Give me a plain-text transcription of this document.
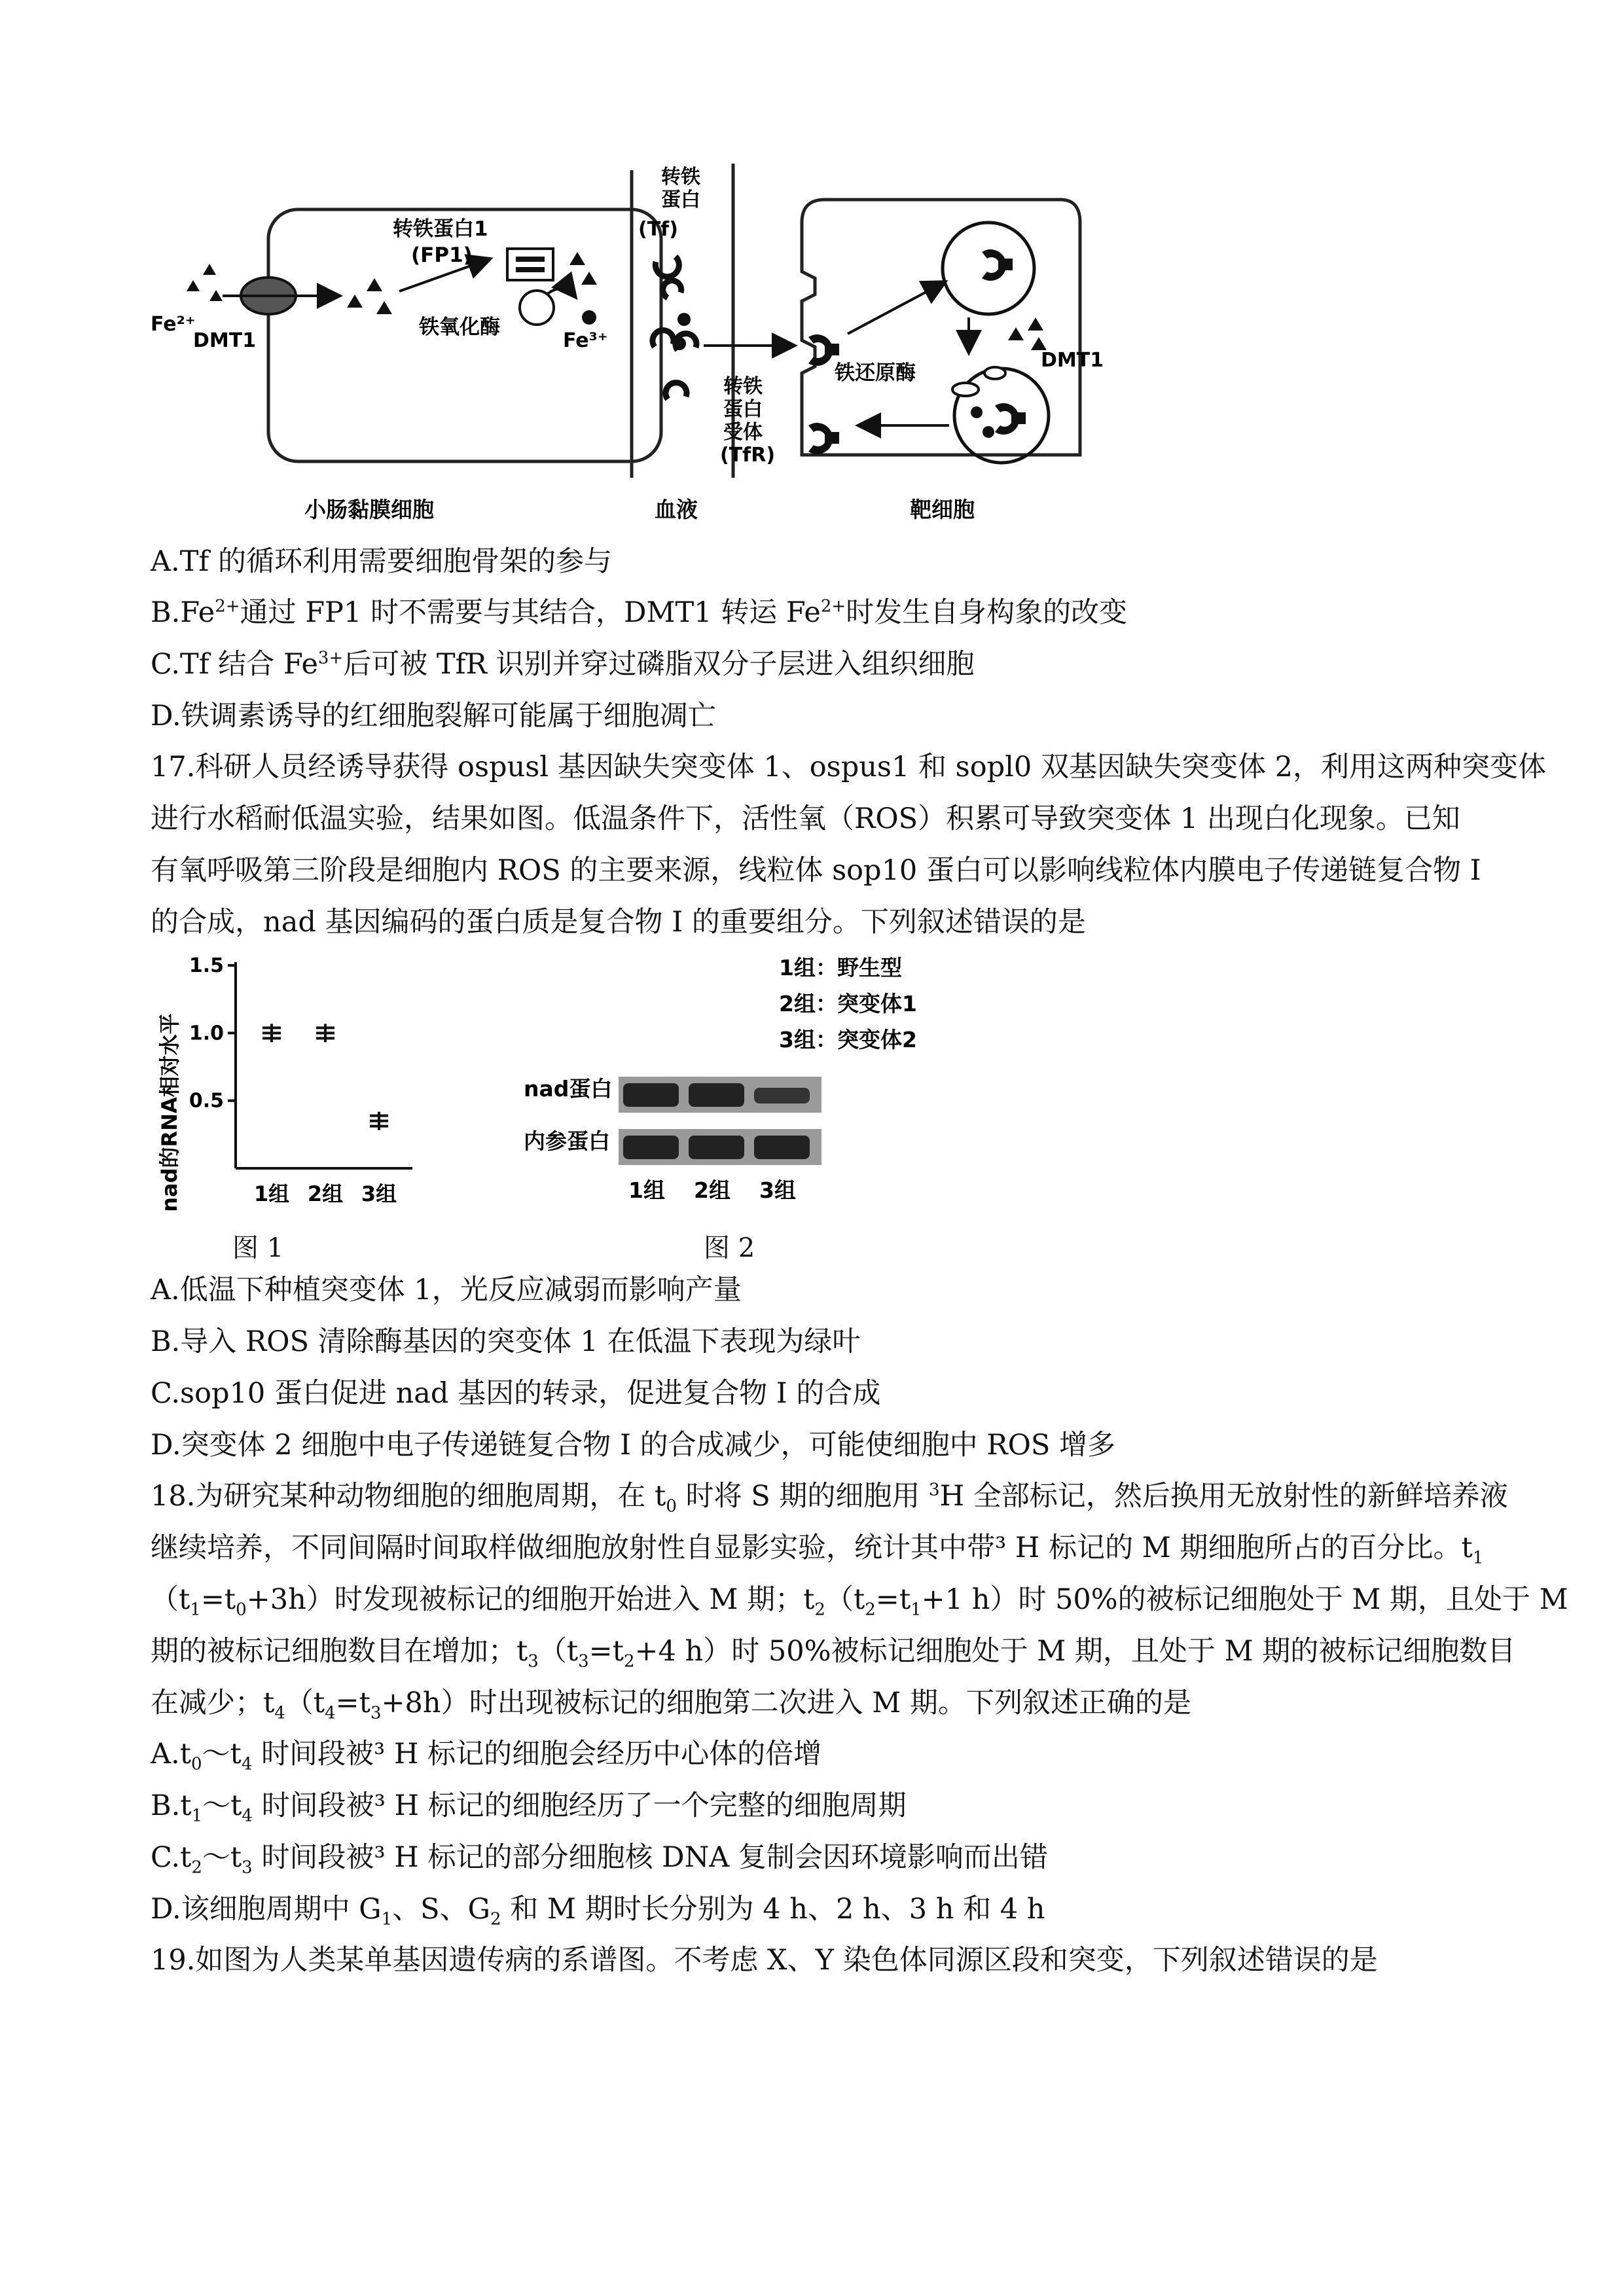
Fe²⁺
DMT1
转铁蛋白1
(FP1)
铁氧化酶
Fe³⁺
转铁
蛋白
(Tf)
转铁
蛋白
受体
(TfR)
铁还原酶
DMT1
小肠黏膜细胞	血液	靶细胞
A.Tf 的循环利用需要细胞骨架的参与
$B.Fe^{2+}$通过 FP1 时不需要与其结合，DMT1 转运 $Fe^{2+}$时发生自身构象的改变
C.Tf 结合 $Fe^{3+}$后可被 TfR 识别并穿过磷脂双分子层进入组织细胞
D.铁调素诱导的红细胞裂解可能属于细胞凋亡
17.科研人员经诱导获得 ospusl 基因缺失突变体 1、ospus1 和 sopl0 双基因缺失突变体 2，利用这两种突变体
进行水稻耐低温实验，结果如图。低温条件下，活性氧（ROS）积累可导致突变体 1 出现白化现象。已知
有氧呼吸第三阶段是细胞内 ROS 的主要来源，线粒体 sop10 蛋白可以影响线粒体内膜电子传递链复合物 I
的合成，nad 基因编码的蛋白质是复合物 I 的重要组分。下列叙述错误的是
nad的RNA相对水平 0.5
1.0
1.5
1组 2组 3组
图 1
1组：野生型
2组：突变体1
3组：突变体2
nad蛋白
内参蛋白
1组 2组 3组
图 2
A.低温下种植突变体 1，光反应减弱而影响产量
B.导入 ROS 清除酶基因的突变体 1 在低温下表现为绿叶
C.sop10 蛋白促进 nad 基因的转录，促进复合物 I 的合成
D.突变体 2 细胞中电子传递链复合物 I 的合成减少，可能使细胞中 ROS 增多
18.为研究某种动物细胞的细胞周期，在 $t_0$ 时将 S 期的细胞用 $^3$H 全部标记，然后换用无放射性的新鲜培养液
继续培养，不同间隔时间取样做细胞放射性自显影实验，统计其中带³ H 标记的 M 期细胞所占的百分比。$t_1$
$(t_1=t_0+3h)$时发现被标记的细胞开始进入 M 期；$t_2(t_2=t_1+1$ h）时 50%的被标记细胞处于 M 期，且处于 M
期的被标记细胞数目在增加；$t_3(t_3=t_2+4$ h）时 50%被标记细胞处于 M 期，且处于 M 期的被标记细胞数目
在减少；$t_4(t_4=t_3+8h)$时出现被标记的细胞第二次进入 M 期。下列叙述正确的是
$A.t_0\sim t_4$ 时间段被³ H 标记的细胞会经历中心体的倍增
$B.t_1\sim t_4$ 时间段被³ H 标记的细胞经历了一个完整的细胞周期
$C.t_2\sim t_3$ 时间段被³ H 标记的部分细胞核 DNA 复制会因环境影响而出错
D.该细胞周期中 $G_1$、S、$G_2$ 和 M 期时长分别为 4 h、2 h、3 h 和 4 h
19.如图为人类某单基因遗传病的系谱图。不考虑 X、Y 染色体同源区段和突变，下列叙述错误的是
